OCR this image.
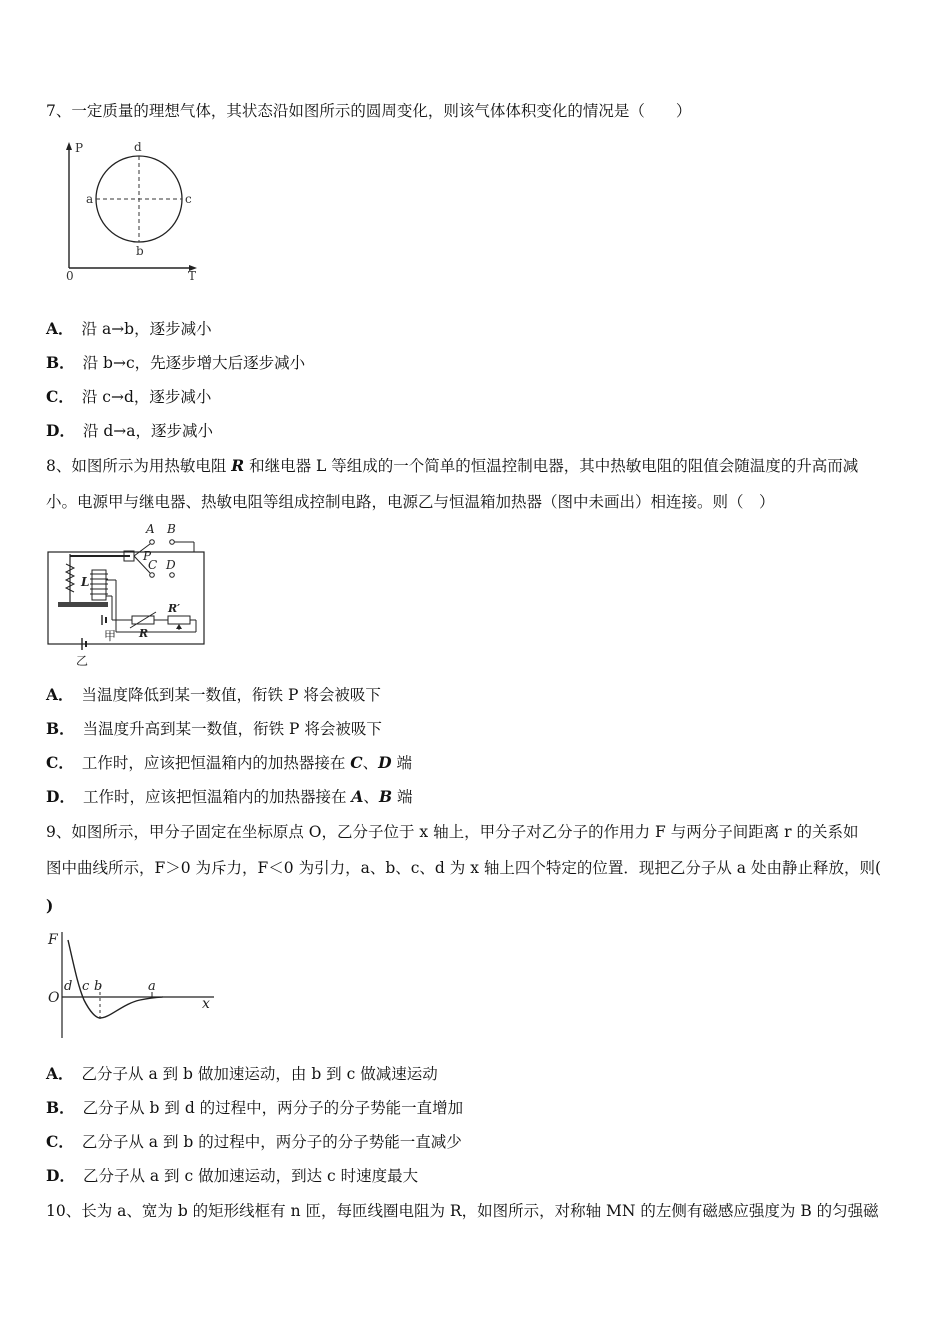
7、一定质量的理想气体，其状态沿如图所示的圆周变化，则该气体体积变化的情况是（　　）
P
T
0
a
b
c
d
A． 沿 a→b，逐步减小
B． 沿 b→c，先逐步增大后逐步减小
C． 沿 c→d，逐步减小
D． 沿 d→a，逐步减小
8、如图所示为用热敏电阻 R 和继电器 L 等组成的一个简单的恒温控制电器，其中热敏电阻的阻值会随温度的升高而减
小。电源甲与继电器、热敏电阻等组成控制电路，电源乙与恒温箱加热器（图中未画出）相连接。则（　）
A B
P
C D
L
R
R′
甲
乙
A． 当温度降低到某一数值，衔铁 P 将会被吸下
B． 当温度升高到某一数值，衔铁 P 将会被吸下
C． 工作时，应该把恒温箱内的加热器接在 C、D 端
D． 工作时，应该把恒温箱内的加热器接在 A、B 端
9、如图所示，甲分子固定在坐标原点 O，乙分子位于 x 轴上，甲分子对乙分子的作用力 F 与两分子间距离 r 的关系如
图中曲线所示，F＞0 为斥力，F＜0 为引力，a、b、c、d 为 x 轴上四个特定的位置．现把乙分子从 a 处由静止释放，则(
)
F
O	x
d c b	a
A． 乙分子从 a 到 b 做加速运动，由 b 到 c 做减速运动
B． 乙分子从 b 到 d 的过程中，两分子的分子势能一直增加
C． 乙分子从 a 到 b 的过程中，两分子的分子势能一直减少
D． 乙分子从 a 到 c 做加速运动，到达 c 时速度最大
10、长为 a、宽为 b 的矩形线框有 n 匝，每匝线圈电阻为 R，如图所示，对称轴 MN 的左侧有磁感应强度为 B 的匀强磁
